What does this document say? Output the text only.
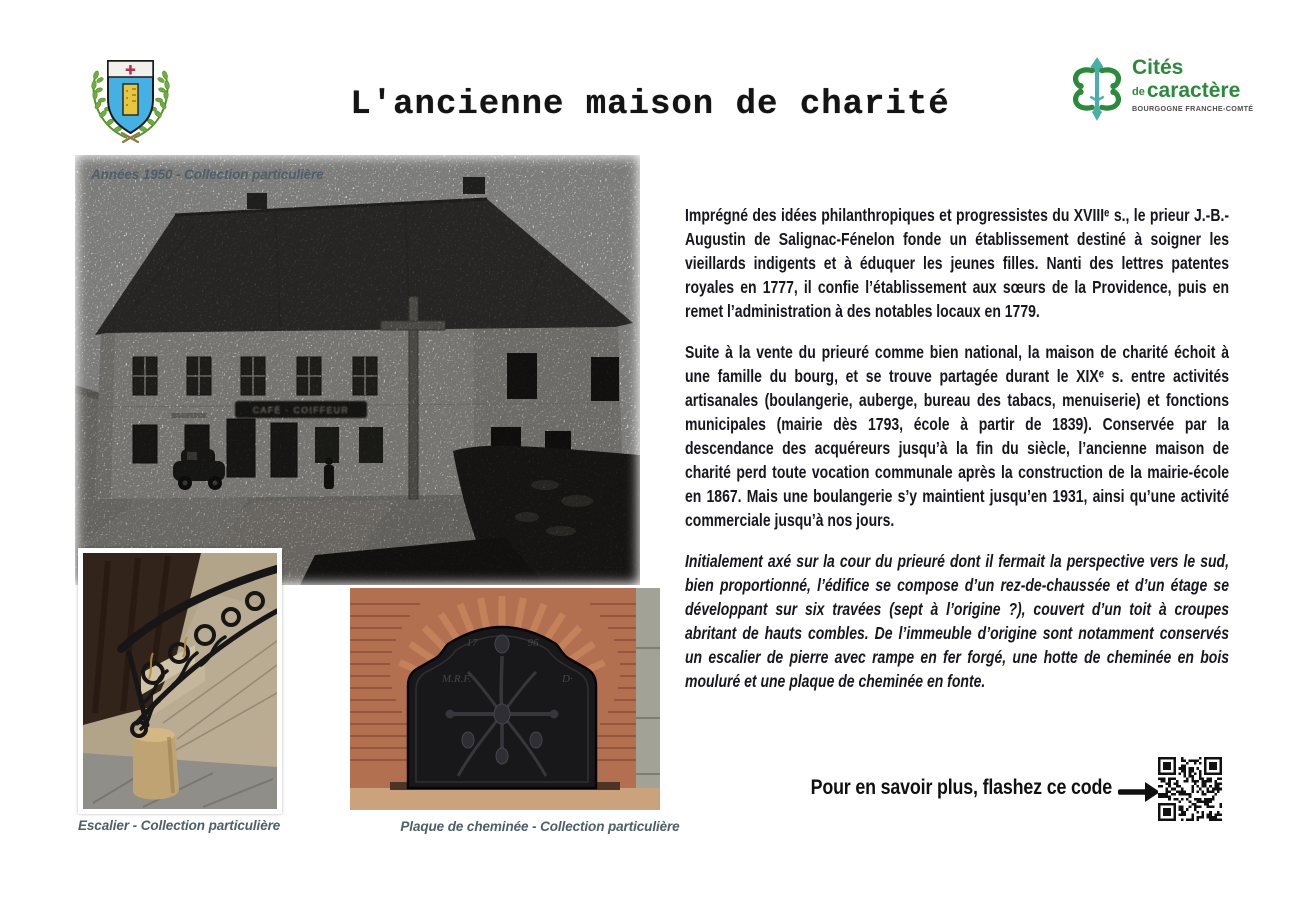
✚
L'ancienne maison de charité
Cités
decaractère
BOURGOGNE FRANCHE-COMTÉ
Années 1950 - Collection particulière
Escalier - Collection particulière
17	96
M.R.F.	D·
Plaque de cheminée - Collection particulière

Imprégné des idées philanthropiques et progressistes du XVIIIᵉ s., le prieur J.-B.-Augustin de Salignac-Fénelon fonde un établissement destiné à soigner les vieillards indigents et à éduquer les jeunes filles. Nanti des lettres patentes royales en 1777, il confie l’établissement aux sœurs de la Providence, puis en remet l’administration à des notables locaux en 1779.

Suite à la vente du prieuré comme bien national, la maison de charité échoit à une famille du bourg, et se trouve partagée durant le XIXᵉ s. entre activités artisanales (boulangerie, auberge, bureau des tabacs, menuiserie) et fonctions municipales (mairie dès 1793, école à partir de 1839). Conservée par la descendance des acquéreurs jusqu’à la fin du siècle, l’ancienne maison de charité perd toute vocation communale après la construction de la mairie-école en 1867. Mais une boulangerie s’y maintient jusqu’en 1931, ainsi qu’une activité commerciale jusqu’à nos jours.

Initialement axé sur la cour du prieuré dont il fermait la perspective vers le sud, bien proportionné, l’édifice se compose d’un rez-de-chaussée et d’un étage se développant sur six travées (sept à l’origine ?), couvert d’un toit à croupes abritant de hauts combles. De l’immeuble d’origine sont notamment conservés un escalier de pierre avec rampe en fer forgé, une hotte de cheminée en bois mouluré et une plaque de cheminée en fonte.

Pour en savoir plus, flashez ce code
